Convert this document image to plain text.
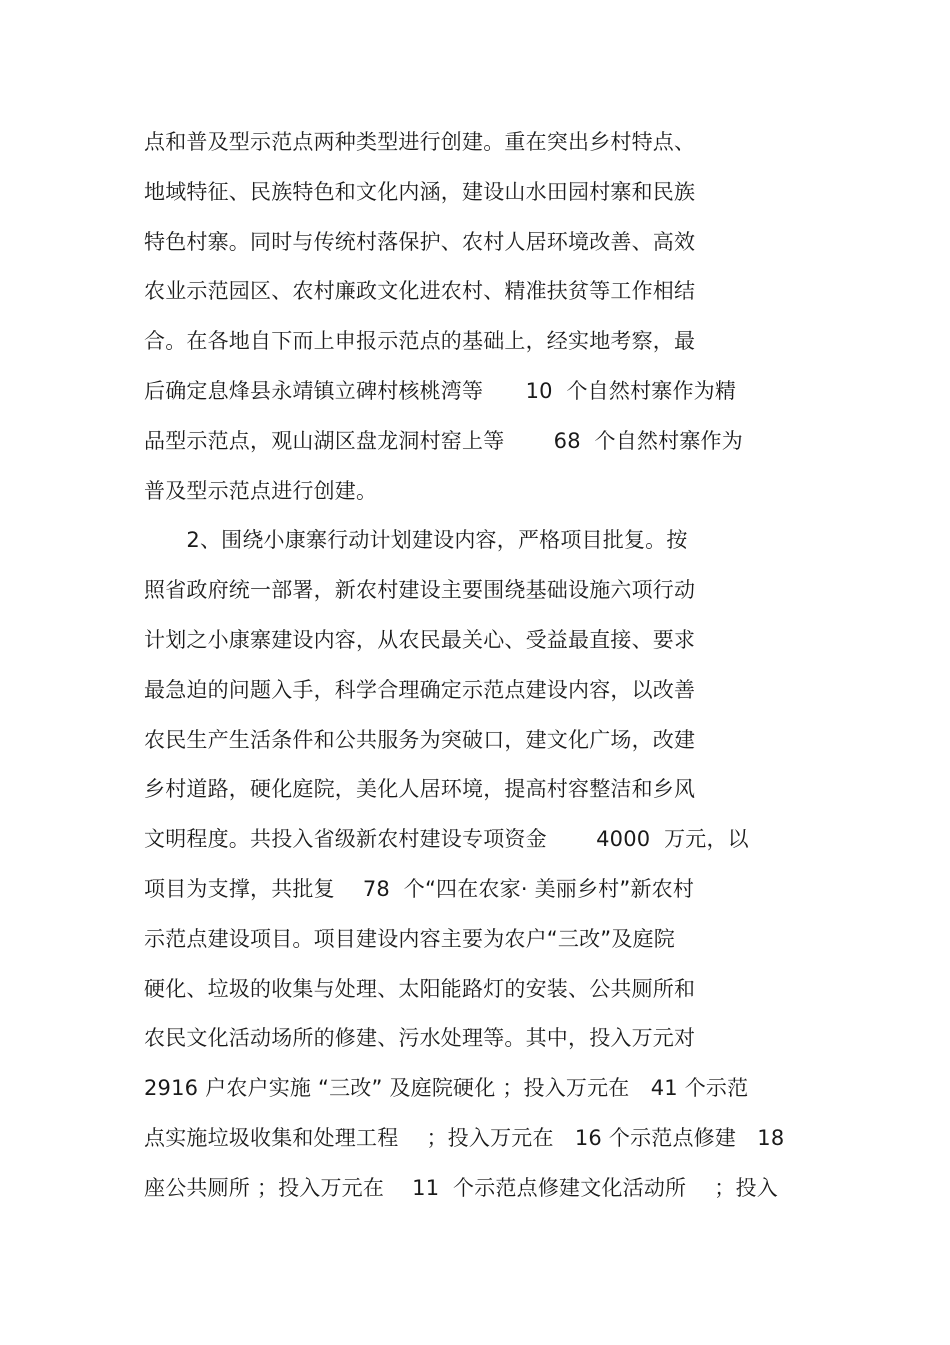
点和普及型示范点两种类型进行创建。重在突出乡村特点、
地域特征、民族特色和文化内涵，建设山水田园村寨和民族
特色村寨。同时与传统村落保护、农村人居环境改善、高效
农业示范园区、农村廉政文化进农村、精准扶贫等工作相结
合。在各地自下而上申报示范点的基础上，经实地考察，最
后确定息烽县永靖镇立碑村核桃湾等　　10  个自然村寨作为精
品型示范点，观山湖区盘龙洞村窑上等　　 68  个自然村寨作为
普及型示范点进行创建。
　　2、围绕小康寨行动计划建设内容，严格项目批复。按
照省政府统一部署，新农村建设主要围绕基础设施六项行动
计划之小康寨建设内容，从农民最关心、受益最直接、要求
最急迫的问题入手，科学合理确定示范点建设内容，以改善
农民生产生活条件和公共服务为突破口，建文化广场，改建
乡村道路，硬化庭院，美化人居环境，提高村容整洁和乡风
文明程度。共投入省级新农村建设专项资金　　 4000  万元，以
项目为支撑，共批复　 78  个“四在农家· 美丽乡村”新农村
示范点建设项目。项目建设内容主要为农户“三改”及庭院
硬化、垃圾的收集与处理、太阳能路灯的安装、公共厕所和
农民文化活动场所的修建、污水处理等。其中，投入万元对
2916 户农户实施 “三改” 及庭院硬化 ；投入万元在　41 个示范
点实施垃圾收集和处理工程　 ；投入万元在　16 个示范点修建　18
座公共厕所 ；投入万元在　 11  个示范点修建文化活动所　 ；投入
